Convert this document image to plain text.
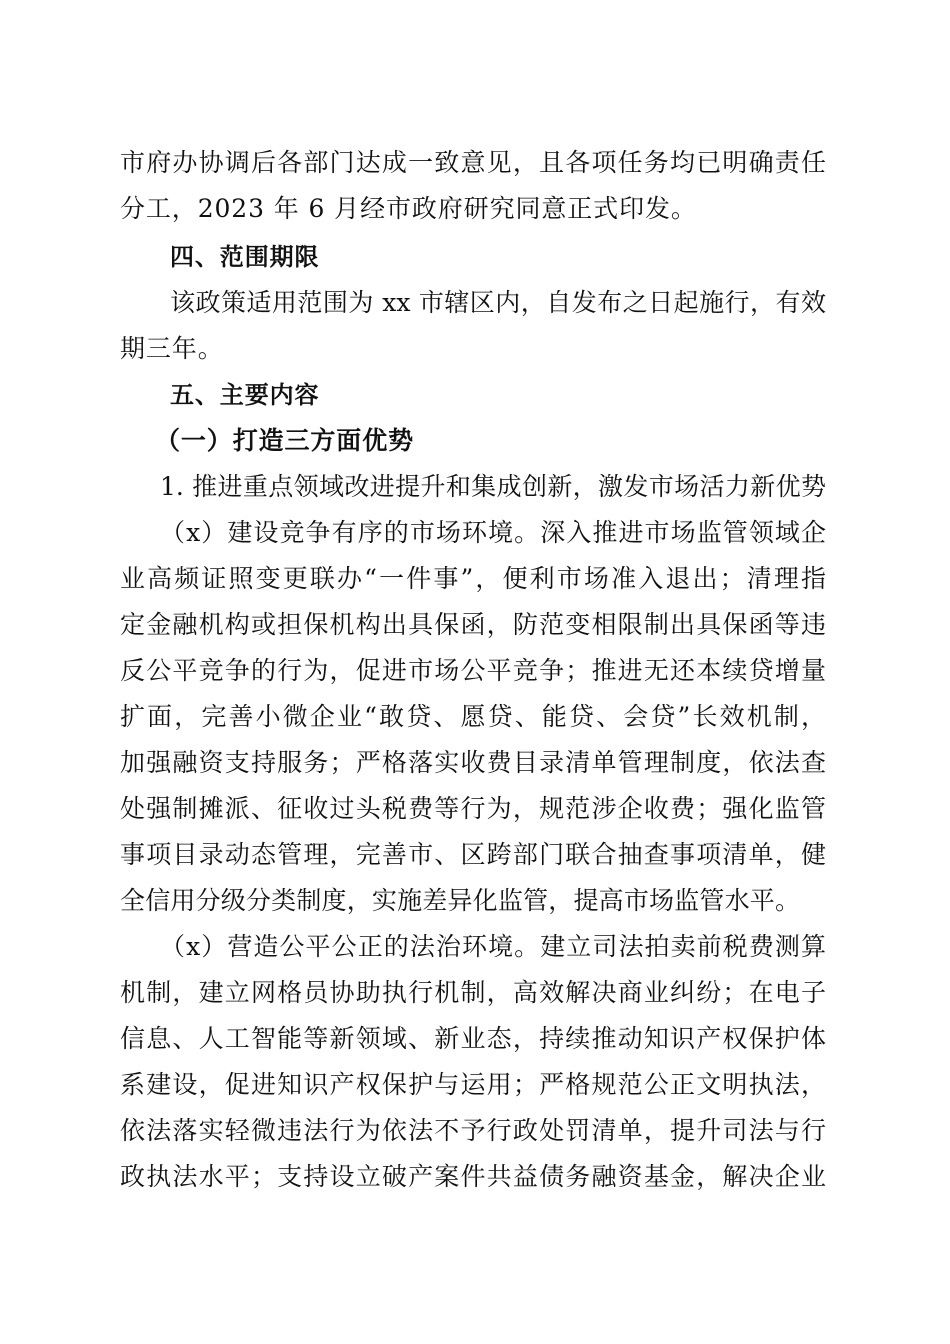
市府办协调后各部门达成一致意见，且各项任务均已明确责任
分工，2023 年 6 月经市政府研究同意正式印发。
四、范围期限
该政策适用范围为 xx 市辖区内，自发布之日起施行，有效
期三年。
五、主要内容
（一）打造三方面优势
1. 推进重点领域改进提升和集成创新，激发市场活力新优势
（x）建设竞争有序的市场环境。深入推进市场监管领域企
业高频证照变更联办“一件事”，便利市场准入退出；清理指
定金融机构或担保机构出具保函，防范变相限制出具保函等违
反公平竞争的行为，促进市场公平竞争；推进无还本续贷增量
扩面，完善小微企业“敢贷、愿贷、能贷、会贷”长效机制，
加强融资支持服务；严格落实收费目录清单管理制度，依法查
处强制摊派、征收过头税费等行为，规范涉企收费；强化监管
事项目录动态管理，完善市、区跨部门联合抽查事项清单，健
全信用分级分类制度，实施差异化监管，提高市场监管水平。
（x）营造公平公正的法治环境。建立司法拍卖前税费测算
机制，建立网格员协助执行机制，高效解决商业纠纷；在电子
信息、人工智能等新领域、新业态，持续推动知识产权保护体
系建设，促进知识产权保护与运用；严格规范公正文明执法，
依法落实轻微违法行为依法不予行政处罚清单，提升司法与行
政执法水平；支持设立破产案件共益债务融资基金，解决企业
